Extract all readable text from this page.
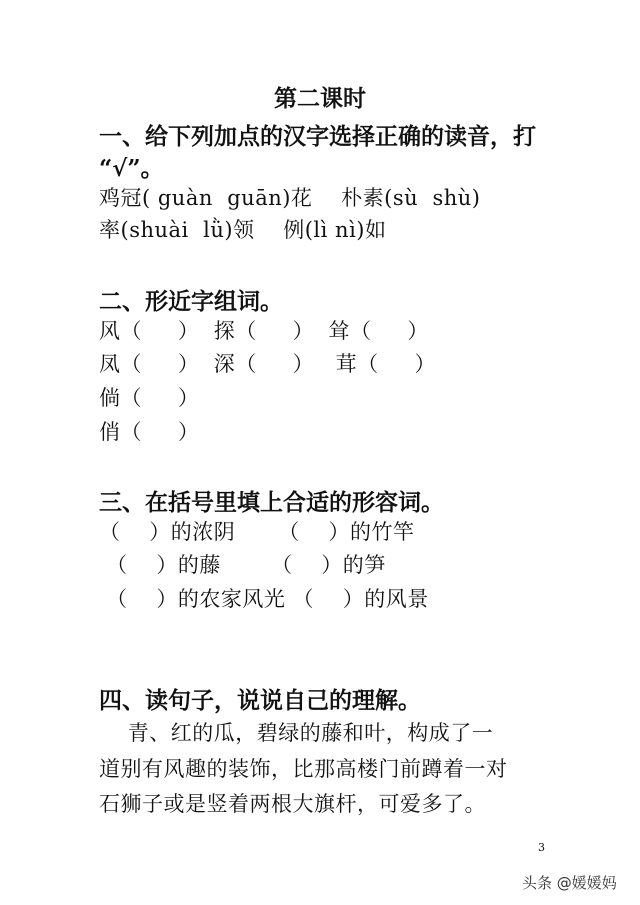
第二课时
一、给下列加点的汉字选择正确的读音，打
“√”。
鸡冠( guàn  guān)花    朴素(sù  shù)
率(shuài  lǜ)领    例(lì nì)如
二、形近字组词。
风（     ）  探（     ）  耸（     ）
凤（     ）  深（     ）   茸（     ）
倘（     ）
俏（     ）
三、在括号里填上合适的形容词。
（    ）的浓阴      （    ）的竹竿
（    ）的藤       （    ）的笋
（    ）的农家风光 （    ）的风景
四、读句子，说说自己的理解。
青、红的瓜，碧绿的藤和叶，构成了一
道别有风趣的装饰，比那高楼门前蹲着一对
石狮子或是竖着两根大旗杆，可爱多了。
3
头条 @媛媛妈
